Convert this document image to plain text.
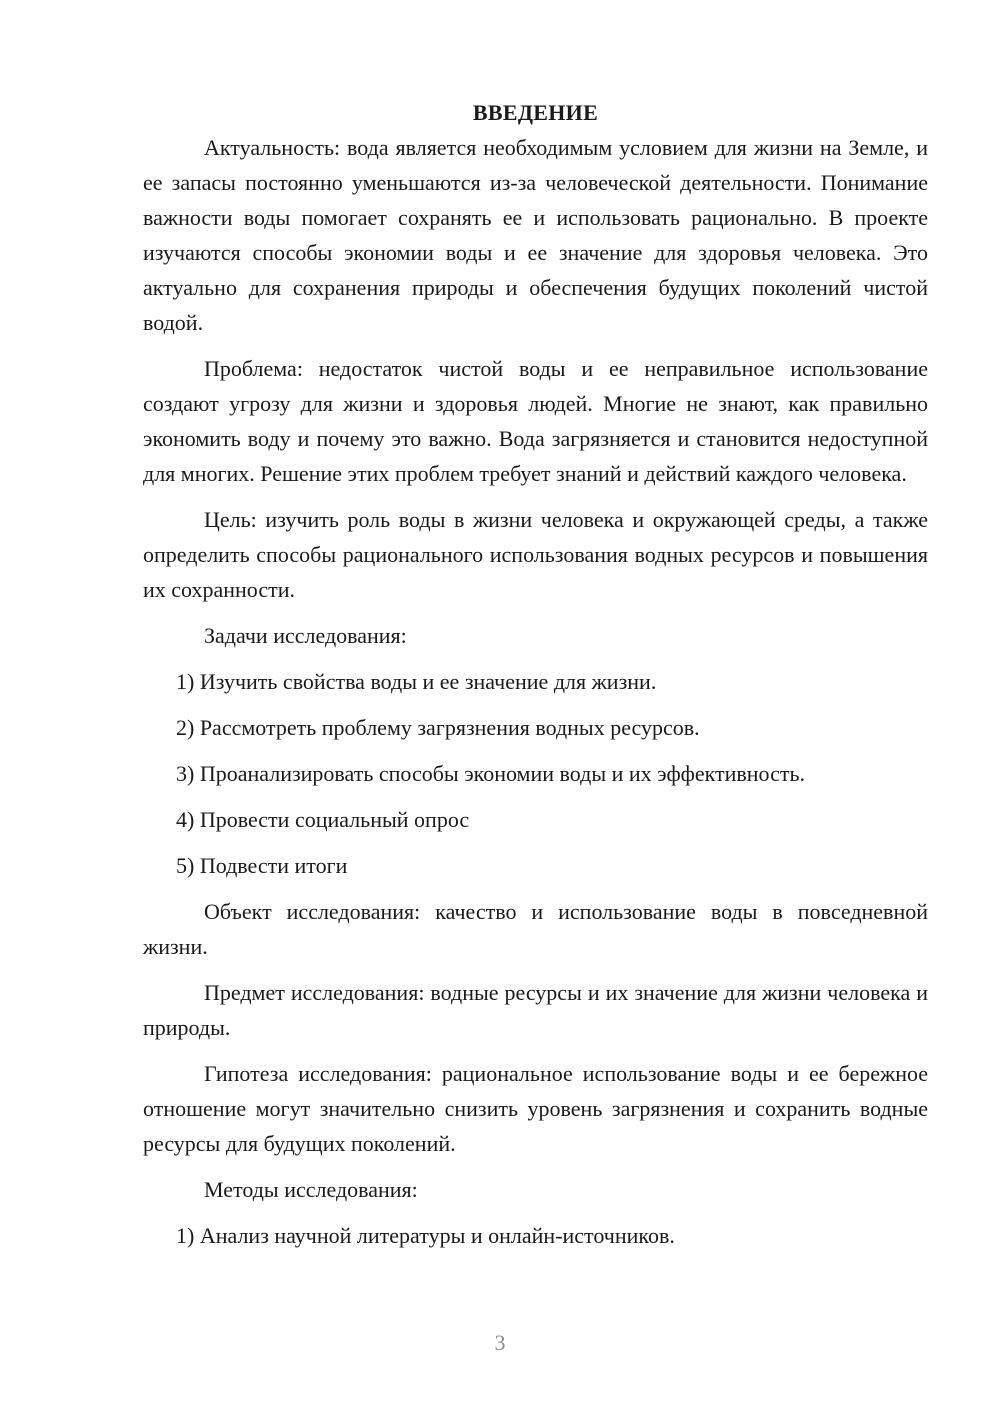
ВВЕДЕНИЕ

Актуальность: вода является необходимым условием для жизни на Земле, и ее запасы постоянно уменьшаются из-за человеческой деятельности. Понимание важности воды помогает сохранять ее и использовать рационально. В проекте изучаются способы экономии воды и ее значение для здоровья человека. Это актуально для сохранения природы и обеспечения будущих поколений чистой водой.

Проблема: недостаток чистой воды и ее неправильное использование создают угрозу для жизни и здоровья людей. Многие не знают, как правильно экономить воду и почему это важно. Вода загрязняется и становится недоступной для многих. Решение этих проблем требует знаний и действий каждого человека.

Цель: изучить роль воды в жизни человека и окружающей среды, а также определить способы рационального использования водных ресурсов и повышения их сохранности.

Задачи исследования:

1) Изучить свойства воды и ее значение для жизни.

2) Рассмотреть проблему загрязнения водных ресурсов.

3) Проанализировать способы экономии воды и их эффективность.

4) Провести социальный опрос

5) Подвести итоги

Объект исследования: качество и использование воды в повседневной жизни.

Предмет исследования: водные ресурсы и их значение для жизни человека и природы.

Гипотеза исследования: рациональное использование воды и ее бережное отношение могут значительно снизить уровень загрязнения и сохранить водные ресурсы для будущих поколений.

Методы исследования:

1) Анализ научной литературы и онлайн-источников.

3
